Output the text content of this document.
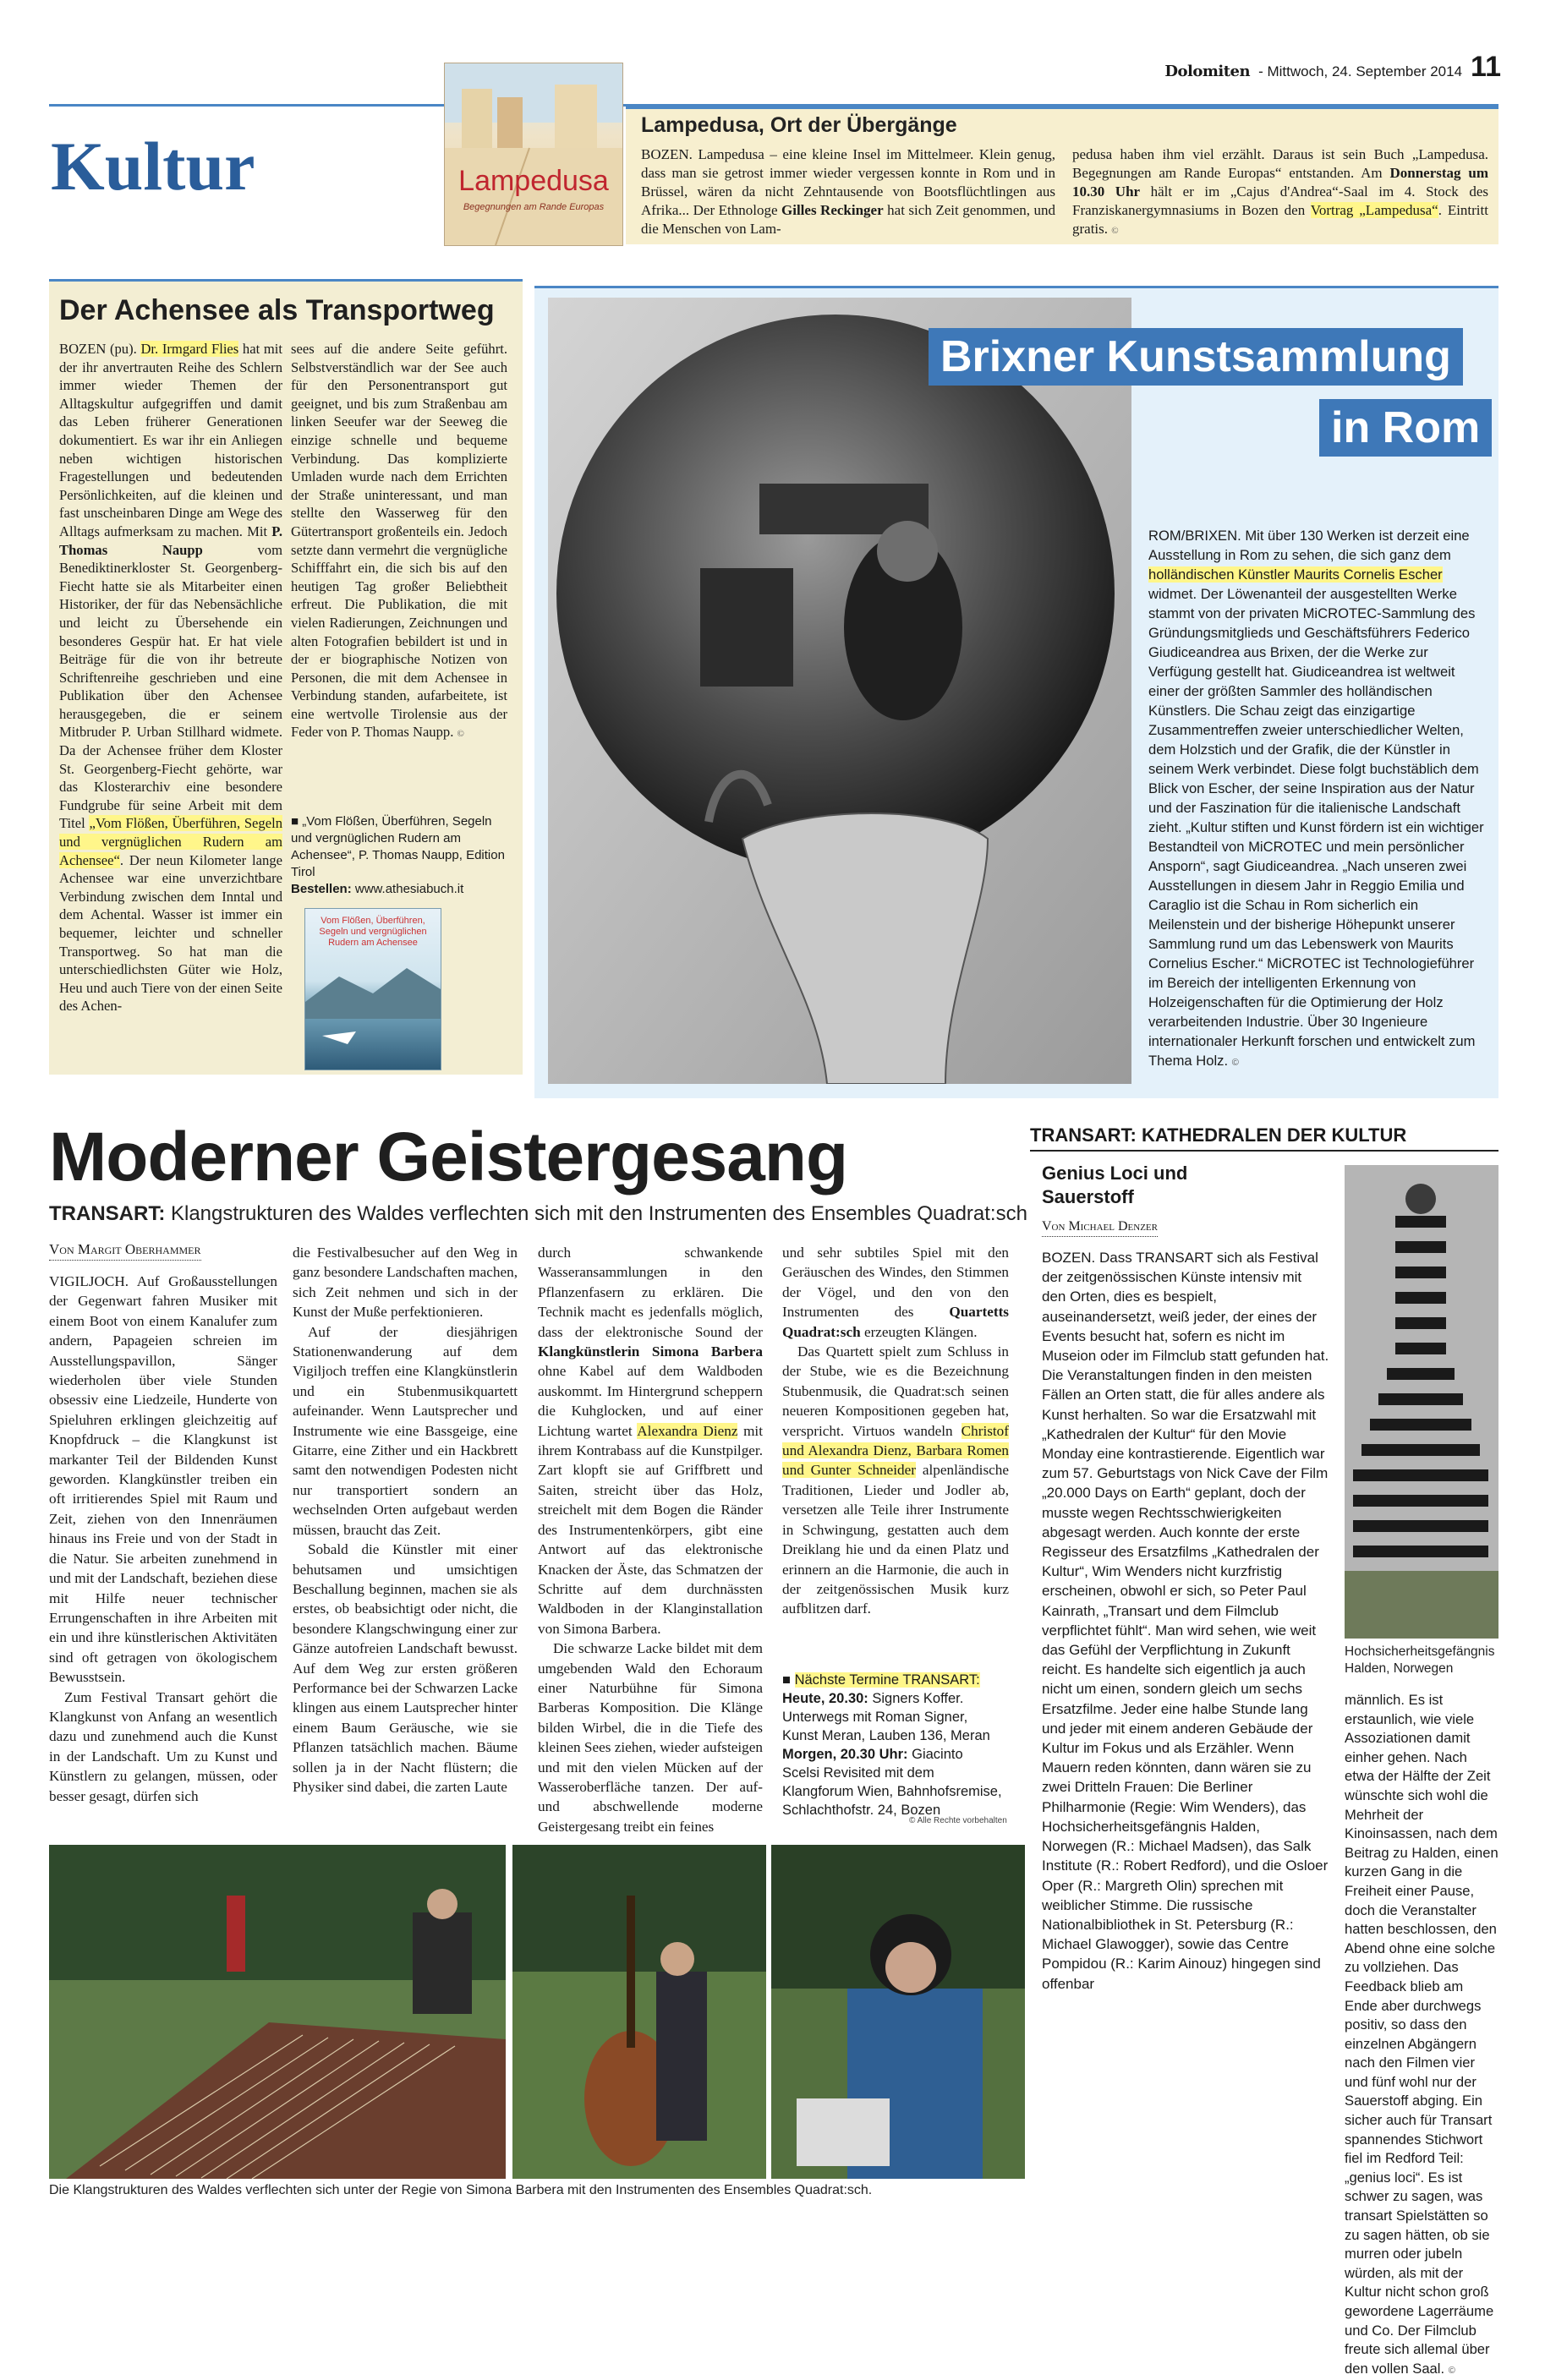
Dolomiten - Mittwoch, 24. September 2014 11
Kultur	Lampedusa
Begegnungen am Rande Europas
Lampedusa, Ort der Übergänge
BOZEN. Lampedusa – eine kleine Insel im Mittelmeer. Klein genug, dass man sie getrost immer wieder vergessen konnte in Rom und in Brüssel, wären da nicht Zehntausende von Bootsflüchtlingen aus Afrika... Der Ethnologe Gilles Reckinger hat sich Zeit genommen, und die Menschen von Lam-
pedusa haben ihm viel erzählt. Daraus ist sein Buch „Lampedusa. Begegnungen am Rande Europas“ entstanden. Am Donnerstag um 10.30 Uhr hält er im „Cajus d'Andrea“-Saal im 4. Stock des Franziskanergymnasiums in Bozen den Vortrag „Lampedusa“. Eintritt gratis. ©
Der Achensee als Transportweg
BOZEN (pu). Dr. Irmgard Flies hat mit der ihr anvertrauten Reihe des Schlern immer wieder Themen der Alltagskultur aufgegriffen und damit das Leben früherer Generationen dokumentiert. Es war ihr ein Anliegen neben wichtigen historischen Fragestellungen und bedeutenden Persönlichkeiten, auf die kleinen und fast unscheinbaren Dinge am Wege des Alltags aufmerksam zu machen. Mit P. Thomas Naupp vom Benediktinerkloster St. Georgenberg-Fiecht hatte sie als Mitarbeiter einen Historiker, der für das Nebensächliche und leicht zu Übersehende ein besonderes Gespür hat. Er hat viele Beiträge für die von ihr betreute Schriftenreihe geschrieben und eine Publikation über den Achensee herausgegeben, die er seinem Mitbruder P. Urban Stillhard widmete. Da der Achensee früher dem Kloster St. Georgenberg-Fiecht gehörte, war das Klosterarchiv eine besondere Fundgrube für seine Arbeit mit dem Titel „Vom Flößen, Überführen, Segeln und vergnüglichen Rudern am Achensee“. Der neun Kilometer lange Achensee war eine unverzichtbare Verbindung zwischen dem Inntal und dem Achental. Wasser ist immer ein bequemer, leichter und schneller Transportweg. So hat man die unterschiedlichsten Güter wie Holz, Heu und auch Tiere von der einen Seite des Achen-
sees auf die andere Seite geführt. Selbstverständlich war der See auch für den Personentransport gut geeignet, und bis zum Straßenbau am linken Seeufer war der Seeweg die einzige schnelle und bequeme Verbindung. Das komplizierte Umladen wurde nach dem Errichten der Straße uninteressant, und man stellte den Wasserweg für den Gütertransport großenteils ein. Jedoch setzte dann vermehrt die vergnügliche Schifffahrt ein, die sich bis auf den heutigen Tag großer Beliebtheit erfreut. Die Publikation, die mit vielen Radierungen, Zeichnungen und alten Fotografien bebildert ist und in der er biographische Notizen von Personen, die mit dem Achensee in Verbindung standen, aufarbeitete, ist eine wertvolle Tirolensie aus der Feder von P. Thomas Naupp. ©
■ „Vom Flößen, Überführen, Segeln und vergnüglichen Rudern am Achensee“, P. Thomas Naupp, Edition Tirol
Bestellen: www.athesiabuch.it
Vom Flößen, Überführen, Segeln und vergnüglichen Rudern am Achensee
Brixner Kunstsammlung
in Rom
ROM/BRIXEN. Mit über 130 Werken ist derzeit eine Ausstellung in Rom zu sehen, die sich ganz dem holländischen Künstler Maurits Cornelis Escher widmet. Der Löwenanteil der ausgestellten Werke stammt von der privaten MiCROTEC-Sammlung des Gründungsmitglieds und Geschäftsführers Federico Giudiceandrea aus Brixen, der die Werke zur Verfügung gestellt hat. Giudiceandrea ist weltweit einer der größten Sammler des holländischen Künstlers. Die Schau zeigt das einzigartige Zusammentreffen zweier unterschiedlicher Welten, dem Holzstich und der Grafik, die der Künstler in seinem Werk verbindet. Diese folgt buchstäblich dem Blick von Escher, der seine Inspiration aus der Natur und der Faszination für die italienische Landschaft zieht. „Kultur stiften und Kunst fördern ist ein wichtiger Bestandteil von MiCROTEC und mein persönlicher Ansporn“, sagt Giudiceandrea. „Nach unseren zwei Ausstellungen in diesem Jahr in Reggio Emilia und Caraglio ist die Schau in Rom sicherlich ein Meilenstein und der bisherige Höhepunkt unserer Sammlung rund um das Lebenswerk von Maurits Cornelius Escher.“ MiCROTEC ist Technologieführer im Bereich der intelligenten Erkennung von Holzeigenschaften für die Optimierung der Holz verarbeitenden Industrie. Über 30 Ingenieure internationaler Herkunft forschen und entwickelt zum Thema Holz. ©
Moderner Geistergesang
TRANSART: Klangstrukturen des Waldes verflechten sich mit den Instrumenten des Ensembles Quadrat:sch
Von Margit Oberhammer

VIGILJOCH. Auf Großausstellungen der Gegenwart fahren Musiker mit einem Boot von einem Kanalufer zum andern, Papageien schreien im Ausstellungspavillon, Sänger wiederholen über viele Stunden obsessiv eine Liedzeile, Hunderte von Spieluhren erklingen gleichzeitig auf Knopfdruck – die Klangkunst ist markanter Teil der Bildenden Kunst geworden. Klangkünstler treiben ein oft irritierendes Spiel mit Raum und Zeit, ziehen von den Innenräumen hinaus ins Freie und von der Stadt in die Natur. Sie arbeiten zunehmend in und mit der Landschaft, beziehen diese mit Hilfe neuer technischer Errungenschaften in ihre Arbeiten mit ein und ihre künstlerischen Aktivitäten sind oft getragen von ökologischem Bewusstsein.

Zum Festival Transart gehört die Klangkunst von Anfang an wesentlich dazu und zunehmend auch die Kunst in der Landschaft. Um zu Kunst und Künstlern zu gelangen, müssen, oder besser gesagt, dürfen sich

die Festivalbesucher auf den Weg in ganz besondere Landschaften machen, sich Zeit nehmen und sich in der Kunst der Muße perfektionieren.

Auf der diesjährigen Stationenwanderung auf dem Vigiljoch treffen eine Klangkünstlerin und ein Stubenmusikquartett aufeinander. Wenn Lautsprecher und Instrumente wie eine Bassgeige, eine Gitarre, eine Zither und ein Hackbrett samt den notwendigen Podesten nicht nur transportiert sondern an wechselnden Orten aufgebaut werden müssen, braucht das Zeit.

Sobald die Künstler mit einer behutsamen und umsichtigen Beschallung beginnen, machen sie als erstes, ob beabsichtigt oder nicht, die besondere Klangschwingung einer zur Gänze autofreien Landschaft bewusst. Auf dem Weg zur ersten größeren Performance bei der Schwarzen Lacke klingen aus einem Lautsprecher hinter einem Baum Geräusche, wie sie Pflanzen tatsächlich machen. Bäume sollen ja in der Nacht flüstern; die Physiker sind dabei, die zarten Laute

durch schwankende Wasseransammlungen in den Pflanzenfasern zu erklären. Die Technik macht es jedenfalls möglich, dass der elektronische Sound der Klangkünstlerin Simona Barbera ohne Kabel auf dem Waldboden auskommt. Im Hintergrund scheppern die Kuhglocken, und auf einer Lichtung wartet Alexandra Dienz mit ihrem Kontrabass auf die Kunstpilger. Zart klopft sie auf Griffbrett und Saiten, streicht über das Holz, streichelt mit dem Bogen die Ränder des Instrumentenkörpers, gibt eine Antwort auf das elektronische Knacken der Äste, das Schmatzen der Schritte auf dem durchnässten Waldboden in der Klanginstallation von Simona Barbera.

Die schwarze Lacke bildet mit dem umgebenden Wald den Echoraum einer Naturbühne für Simona Barberas Komposition. Die Klänge bilden Wirbel, die in die Tiefe des kleinen Sees ziehen, wieder aufsteigen und mit den vielen Mücken auf der Wasseroberfläche tanzen. Der auf- und abschwellende moderne Geistergesang treibt ein feines

und sehr subtiles Spiel mit den Geräuschen des Windes, den Stimmen der Vögel, und den von den Instrumenten des Quartetts Quadrat:sch erzeugten Klängen.

Das Quartett spielt zum Schluss in der Stube, wie es die Bezeichnung Stubenmusik, die Quadrat:sch seinen neueren Kompositionen gegeben hat, verspricht. Virtuos wandeln Christof und Alexandra Dienz, Barbara Romen und Gunter Schneider alpenländische Traditionen, Lieder und Jodler ab, versetzen alle Teile ihrer Instrumente in Schwingung, gestatten auch dem Dreiklang hie und da einen Platz und erinnern an die Harmonie, die auch in der zeitgenössischen Musik kurz aufblitzen darf.

■ Nächste Termine TRANSART:
Heute, 20.30: Signers Koffer. Unterwegs mit Roman Signer, Kunst Meran, Lauben 136, Meran
Morgen, 20.30 Uhr: Giacinto Scelsi Revisited mit dem Klangforum Wien, Bahnhofsremise, Schlachthofstr. 24, Bozen
© Alle Rechte vorbehalten
Die Klangstrukturen des Waldes verflechten sich unter der Regie von Simona Barbera mit den Instrumenten des Ensembles Quadrat:sch.
TRANSART: KATHEDRALEN DER KULTUR
Genius Loci und
Sauerstoff
Von Michael Denzer
Hochsicherheitsgefängnis Halden, Norwegen

BOZEN. Dass TRANSART sich als Festival der zeitgenössischen Künste intensiv mit den Orten, dies es bespielt, auseinandersetzt, weiß jeder, der eines der Events besucht hat, sofern es nicht im Museion oder im Filmclub statt gefunden hat. Die Veranstaltungen finden in den meisten Fällen an Orten statt, die für alles andere als Kunst herhalten. So war die Ersatzwahl mit „Kathedralen der Kultur“ für den Movie Monday eine kontrastierende. Eigentlich war zum 57. Geburtstags von Nick Cave der Film „20.000 Days on Earth“ geplant, doch der musste wegen Rechtsschwierigkeiten abgesagt werden. Auch konnte der erste Regisseur des Ersatzfilms „Kathedralen der Kultur“, Wim Wenders nicht kurzfristig erscheinen, obwohl er sich, so Peter Paul Kainrath, „Transart und dem Filmclub verpflichtet fühlt“. Man wird sehen, wie weit das Gefühl der Verpflichtung in Zukunft reicht. Es handelte sich eigentlich ja auch nicht um einen, sondern gleich um sechs Ersatzfilme. Jeder eine halbe Stunde lang und jeder mit einem anderen Gebäude der Kultur im Fokus und als Erzähler. Wenn Mauern reden könnten, dann wären sie zu zwei Dritteln Frauen: Die Berliner Philharmonie (Regie: Wim Wenders), das Hochsicherheitsgefängnis Halden, Norwegen (R.: Michael Madsen), das Salk Institute (R.: Robert Redford), und die Osloer Oper (R.: Margreth Olin) sprechen mit weiblicher Stimme. Die russische Nationalbibliothek in St. Petersburg (R.: Michael Glawogger), sowie das Centre Pompidou (R.: Karim Ainouz) hingegen sind offenbar

männlich. Es ist erstaunlich, wie viele Assoziationen damit einher gehen. Nach etwa der Hälfte der Zeit wünschte sich wohl die Mehrheit der Kinoinsassen, nach dem Beitrag zu Halden, einen kurzen Gang in die Freiheit einer Pause, doch die Veranstalter hatten beschlossen, den Abend ohne eine solche zu vollziehen. Das Feedback blieb am Ende aber durchwegs positiv, so dass den einzelnen Abgängern nach den Filmen vier und fünf wohl nur der Sauerstoff abging. Ein sicher auch für Transart spannendes Stichwort fiel im Redford Teil: „genius loci“. Es ist schwer zu sagen, was transart Spielstätten so zu sagen hätten, ob sie murren oder jubeln würden, als mit der Kultur nicht schon groß gewordene Lagerräume und Co. Der Filmclub freute sich allemal über den vollen Saal. ©
